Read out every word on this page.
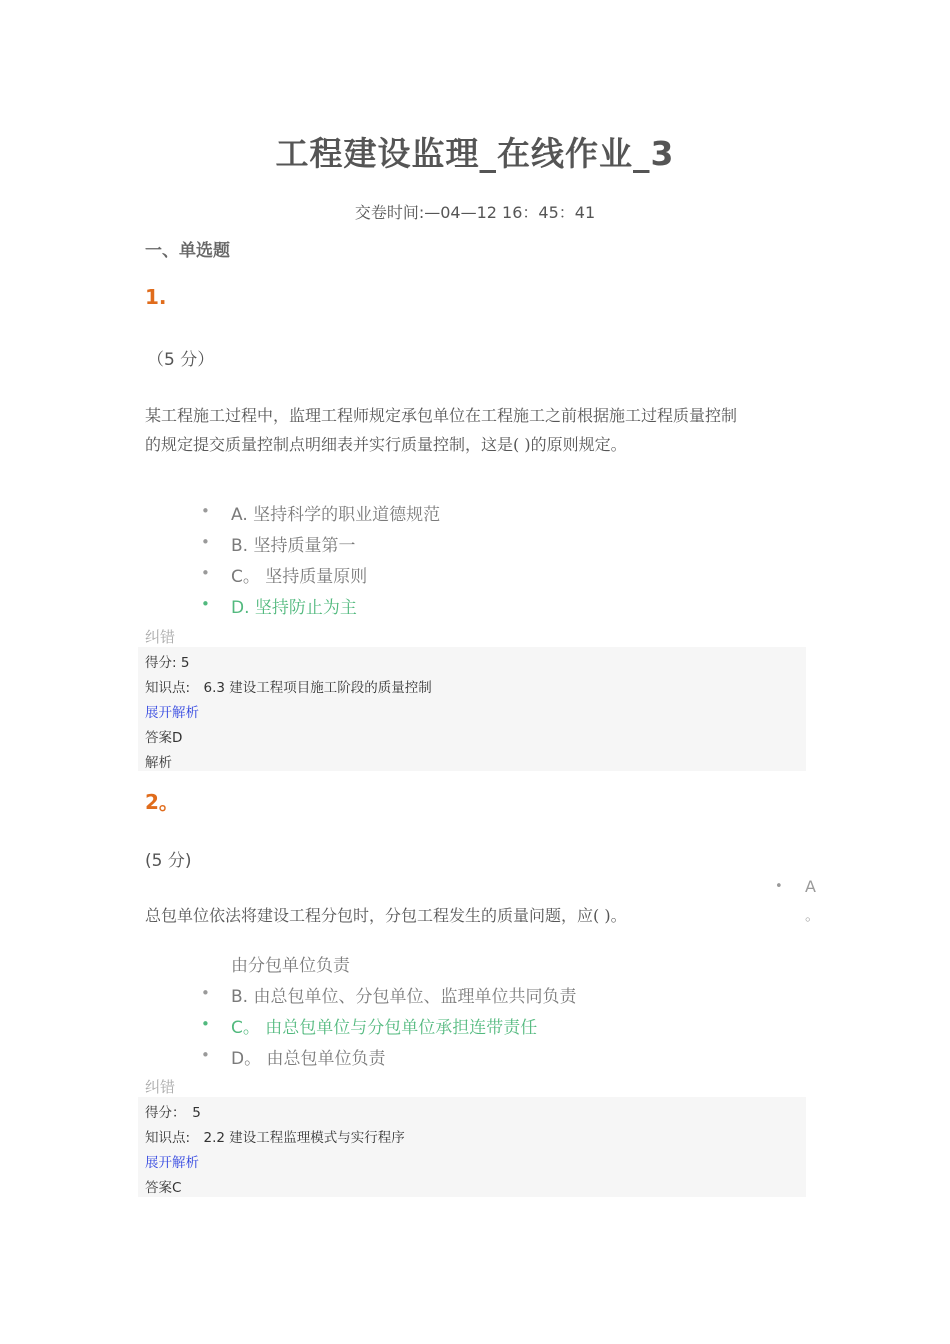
工程建设监理_在线作业_3
交卷时间:—04—12 16：45：41
一、单选题
1.
（5 分）
某工程施工过程中，监理工程师规定承包单位在工程施工之前根据施工过程质量控制的规定提交质量控制点明细表并实行质量控制，这是( )的原则规定。
• A. 坚持科学的职业道德规范
• B. 坚持质量第一
• C。 坚持质量原则
• D. 坚持防止为主
纠错
得分: 5
知识点:　6.3 建设工程项目施工阶段的质量控制
展开解析
答案D
解析
2。
(5 分)
• A
。
总包单位依法将建设工程分包时，分包工程发生的质量问题，应( )。
由分包单位负责
• B. 由总包单位、分包单位、监理单位共同负责
• C。 由总包单位与分包单位承担连带责任
• D。 由总包单位负责
纠错
得分：　5
知识点:　2.2 建设工程监理模式与实行程序
展开解析
答案C
